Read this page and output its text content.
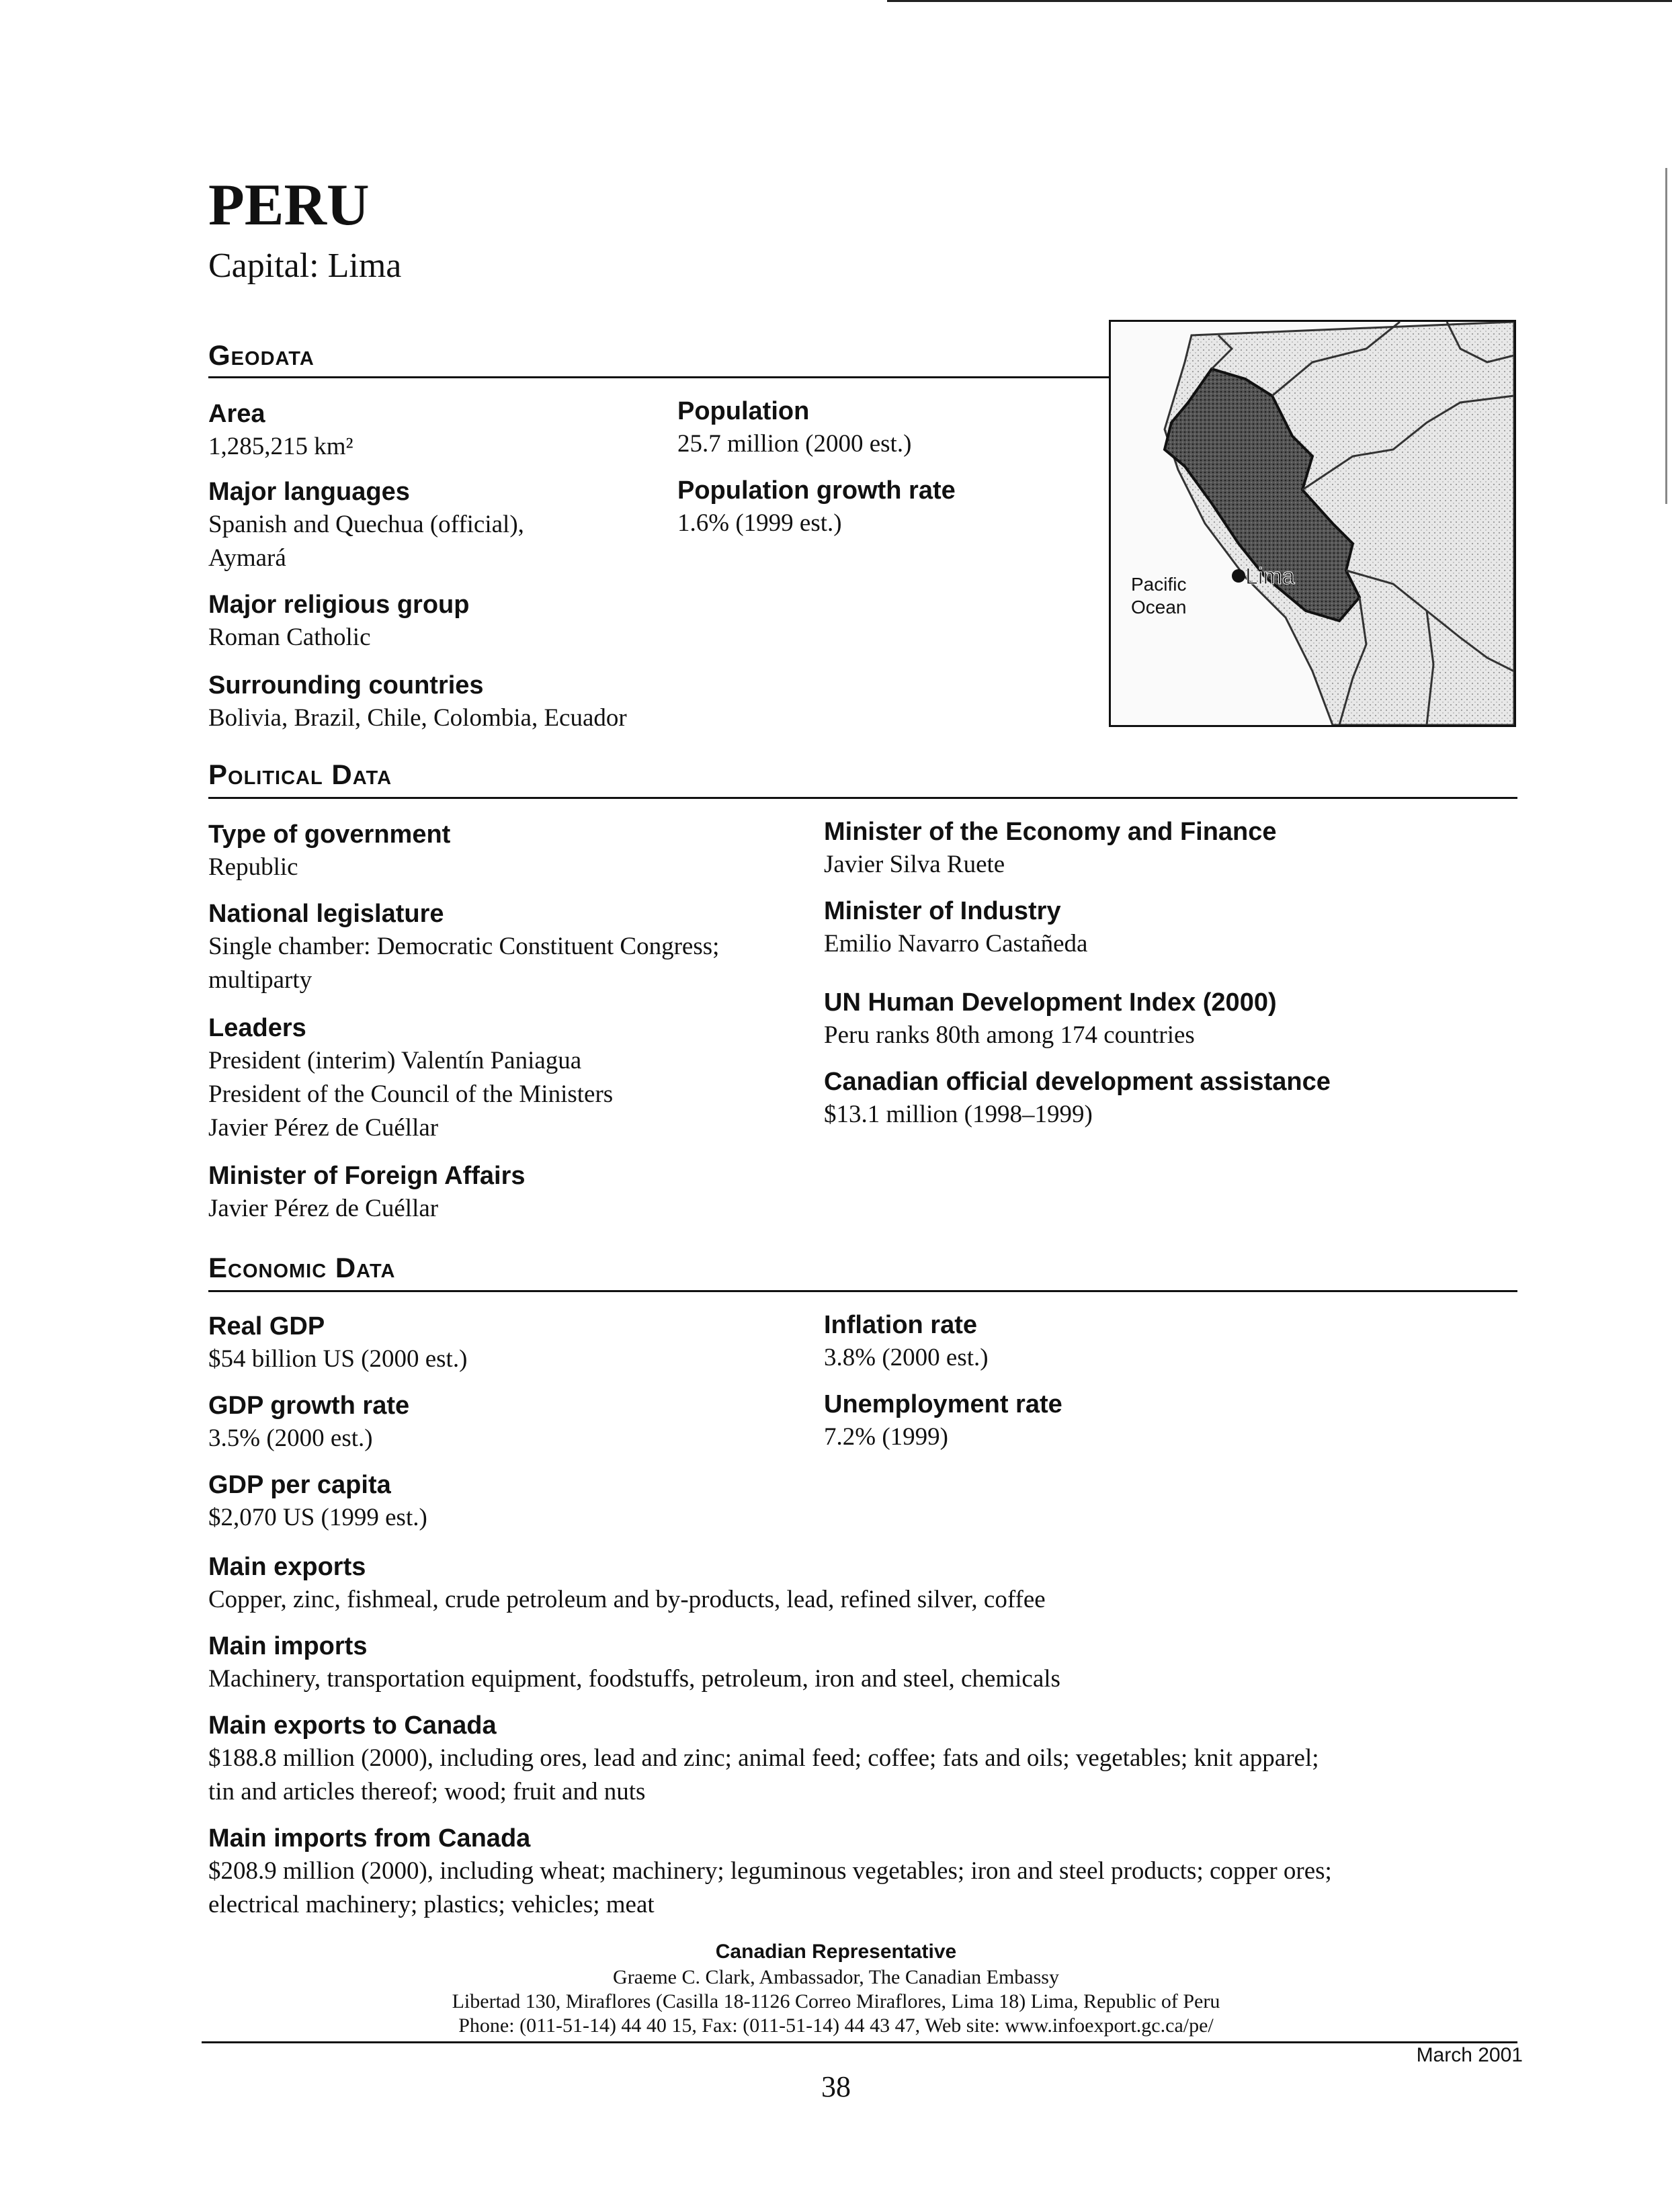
PERU
Capital: Lima
Geodata
Area
1,285,215 km²
Major languages
Spanish and Quechua (official),
Aymará
Major religious group
Roman Catholic
Surrounding countries
Bolivia, Brazil, Chile, Colombia, Ecuador
Population
25.7 million (2000 est.)
Population growth rate
1.6% (1999 est.)
Lima
Pacific
Ocean
Political Data
Type of government
Republic
National legislature
Single chamber: Democratic Constituent Congress;
multiparty
Leaders
President (interim) Valentín Paniagua
President of the Council of the Ministers
Javier Pérez de Cuéllar
Minister of Foreign Affairs
Javier Pérez de Cuéllar
Minister of the Economy and Finance
Javier Silva Ruete
Minister of Industry
Emilio Navarro Castañeda
UN Human Development Index (2000)
Peru ranks 80th among 174 countries
Canadian official development assistance
$13.1 million (1998–1999)
Economic Data
Real GDP
$54 billion US (2000 est.)
GDP growth rate
3.5% (2000 est.)
GDP per capita
$2,070 US (1999 est.)
Inflation rate
3.8% (2000 est.)
Unemployment rate
7.2% (1999)
Main exports
Copper, zinc, fishmeal, crude petroleum and by-products, lead, refined silver, coffee
Main imports
Machinery, transportation equipment, foodstuffs, petroleum, iron and steel, chemicals
Main exports to Canada
$188.8 million (2000), including ores, lead and zinc; animal feed; coffee; fats and oils; vegetables; knit apparel;
tin and articles thereof; wood; fruit and nuts
Main imports from Canada
$208.9 million (2000), including wheat; machinery; leguminous vegetables; iron and steel products; copper ores;
electrical machinery; plastics; vehicles; meat
Canadian Representative
Graeme C. Clark, Ambassador, The Canadian Embassy
Libertad 130, Miraflores (Casilla 18-1126 Correo Miraflores, Lima 18) Lima, Republic of Peru
Phone: (011-51-14) 44 40 15, Fax: (011-51-14) 44 43 47, Web site: www.infoexport.gc.ca/pe/
March 2001
38
